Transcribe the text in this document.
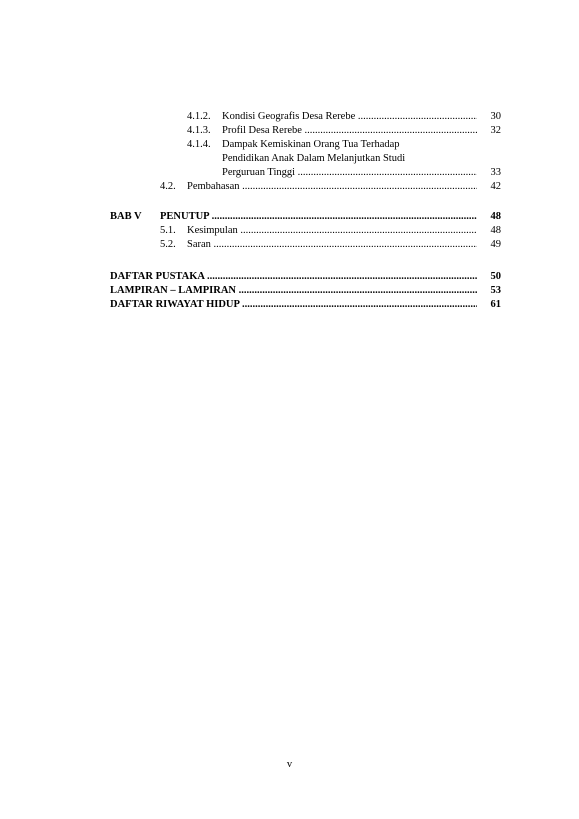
4.1.2.	Kondisi Geografis Desa Rerebe .....	30
4.1.3.	Profil Desa Rerebe .....	32
4.1.4.	Dampak Kemiskinan Orang Tua Terhadap
Pendidikan Anak Dalam Melanjutkan Studi
Perguruan Tinggi .....	33
4.2.	Pembahasan .....	42
BAB V	PENUTUP .....	48
5.1.	Kesimpulan .....	48
5.2.	Saran .....	49
DAFTAR PUSTAKA .....	50
LAMPIRAN – LAMPIRAN .....	53
DAFTAR RIWAYAT HIDUP .....	61
v
